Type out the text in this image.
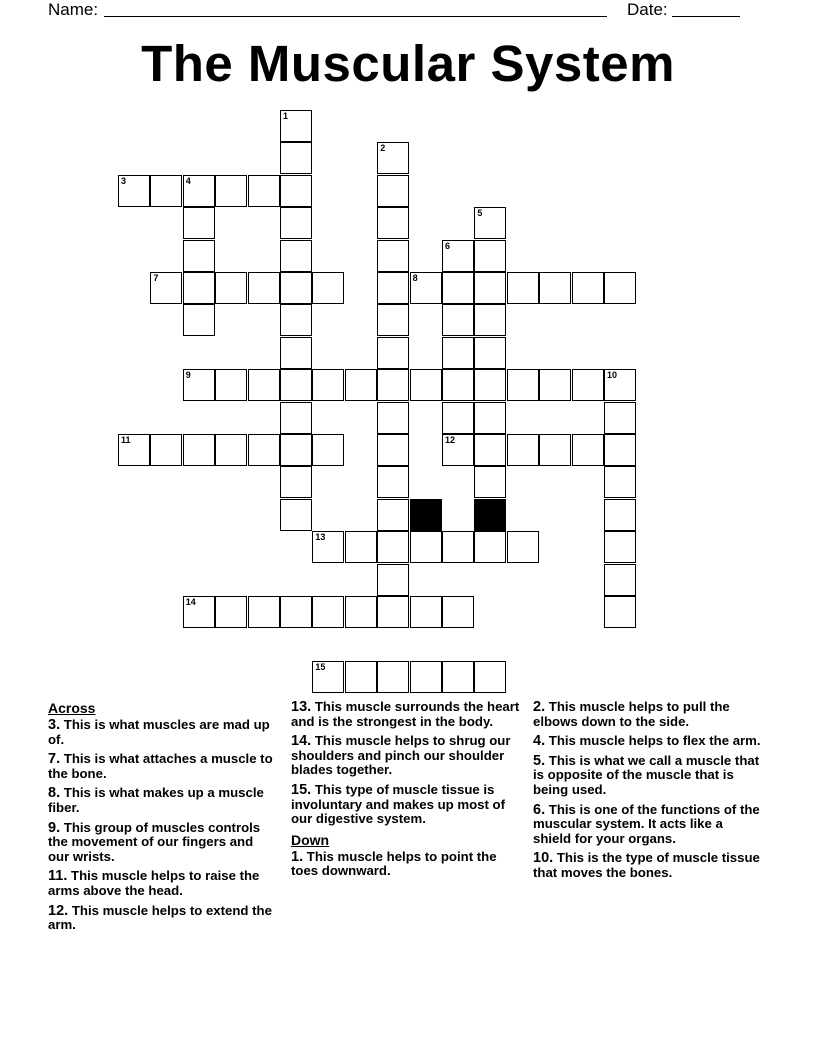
Name:	Date:
The Muscular System
1
2
3	4
5
6
7	8
9	10
11	12
13
14
15
Across
3. This is what muscles are mad up of.
7. This is what attaches a muscle to the bone.
8. This is what makes up a muscle fiber.
9. This group of muscles controls the movement of our fingers and our wrists.
11. This muscle helps to raise the arms above the head.
12. This muscle helps to extend the arm.
13. This muscle surrounds the heart and is the strongest in the body.
14. This muscle helps to shrug our shoulders and pinch our shoulder blades together.
15. This type of muscle tissue is involuntary and makes up most of our digestive system.
Down
1. This muscle helps to point the toes downward.
2. This muscle helps to pull the elbows down to the side.
4. This muscle helps to flex the arm.
5. This is what we call a muscle that is opposite of the muscle that is being used.
6. This is one of the functions of the muscular system. It acts like a shield for your organs.
10. This is the type of muscle tissue that moves the bones.
